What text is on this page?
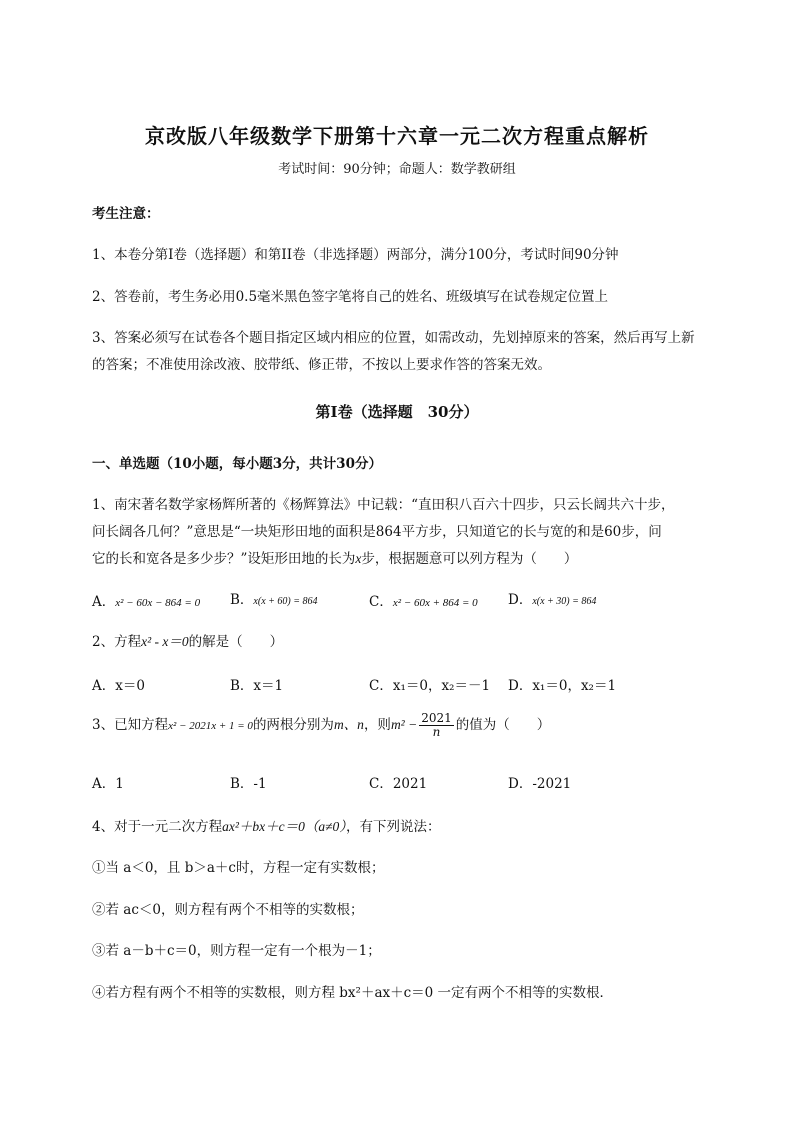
京改版八年级数学下册第十六章一元二次方程重点解析
考试时间：90分钟；命题人：数学教研组
考生注意：
1、本卷分第I卷（选择题）和第II卷（非选择题）两部分，满分100分，考试时间90分钟
2、答卷前，考生务必用0.5毫米黑色签字笔将自己的姓名、班级填写在试卷规定位置上
3、答案必须写在试卷各个题目指定区域内相应的位置，如需改动，先划掉原来的答案，然后再写上新
的答案；不准使用涂改液、胶带纸、修正带，不按以上要求作答的答案无效。
第I卷（选择题　30分）
一、单选题（10小题，每小题3分，共计30分）
1、南宋著名数学家杨辉所著的《杨辉算法》中记载：“直田积八百六十四步，只云长阔共六十步，
问长阔各几何？”意思是“一块矩形田地的面积是864平方步，只知道它的长与宽的和是60步，问
它的长和宽各是多少步？”设矩形田地的长为x步，根据题意可以列方程为（　　）
A．x² − 60x − 864 = 0 B．x(x + 60) = 864	C．x² − 60x + 864 = 0 D．x(x + 30) = 864
2、方程x² - x＝0的解是（　　）
A．x＝0	B．x＝1	C．x₁＝0，x₂＝－1 D．x₁＝0，x₂＝1
3、已知方程x² − 2021x + 1 = 0的两根分别为m、n，则$m^2 - \frac{2021}{n}$ 的值为（　　）
A．1	B．-1	C．2021	D．-2021
4、对于一元二次方程ax²＋bx＋c＝0（a≠0），有下列说法：
①当 a＜0，且 b＞a＋c时，方程一定有实数根；
②若 ac＜0，则方程有两个不相等的实数根；
③若 a－b＋c＝0，则方程一定有一个根为－1；
④若方程有两个不相等的实数根，则方程 bx²＋ax＋c＝0 一定有两个不相等的实数根．
